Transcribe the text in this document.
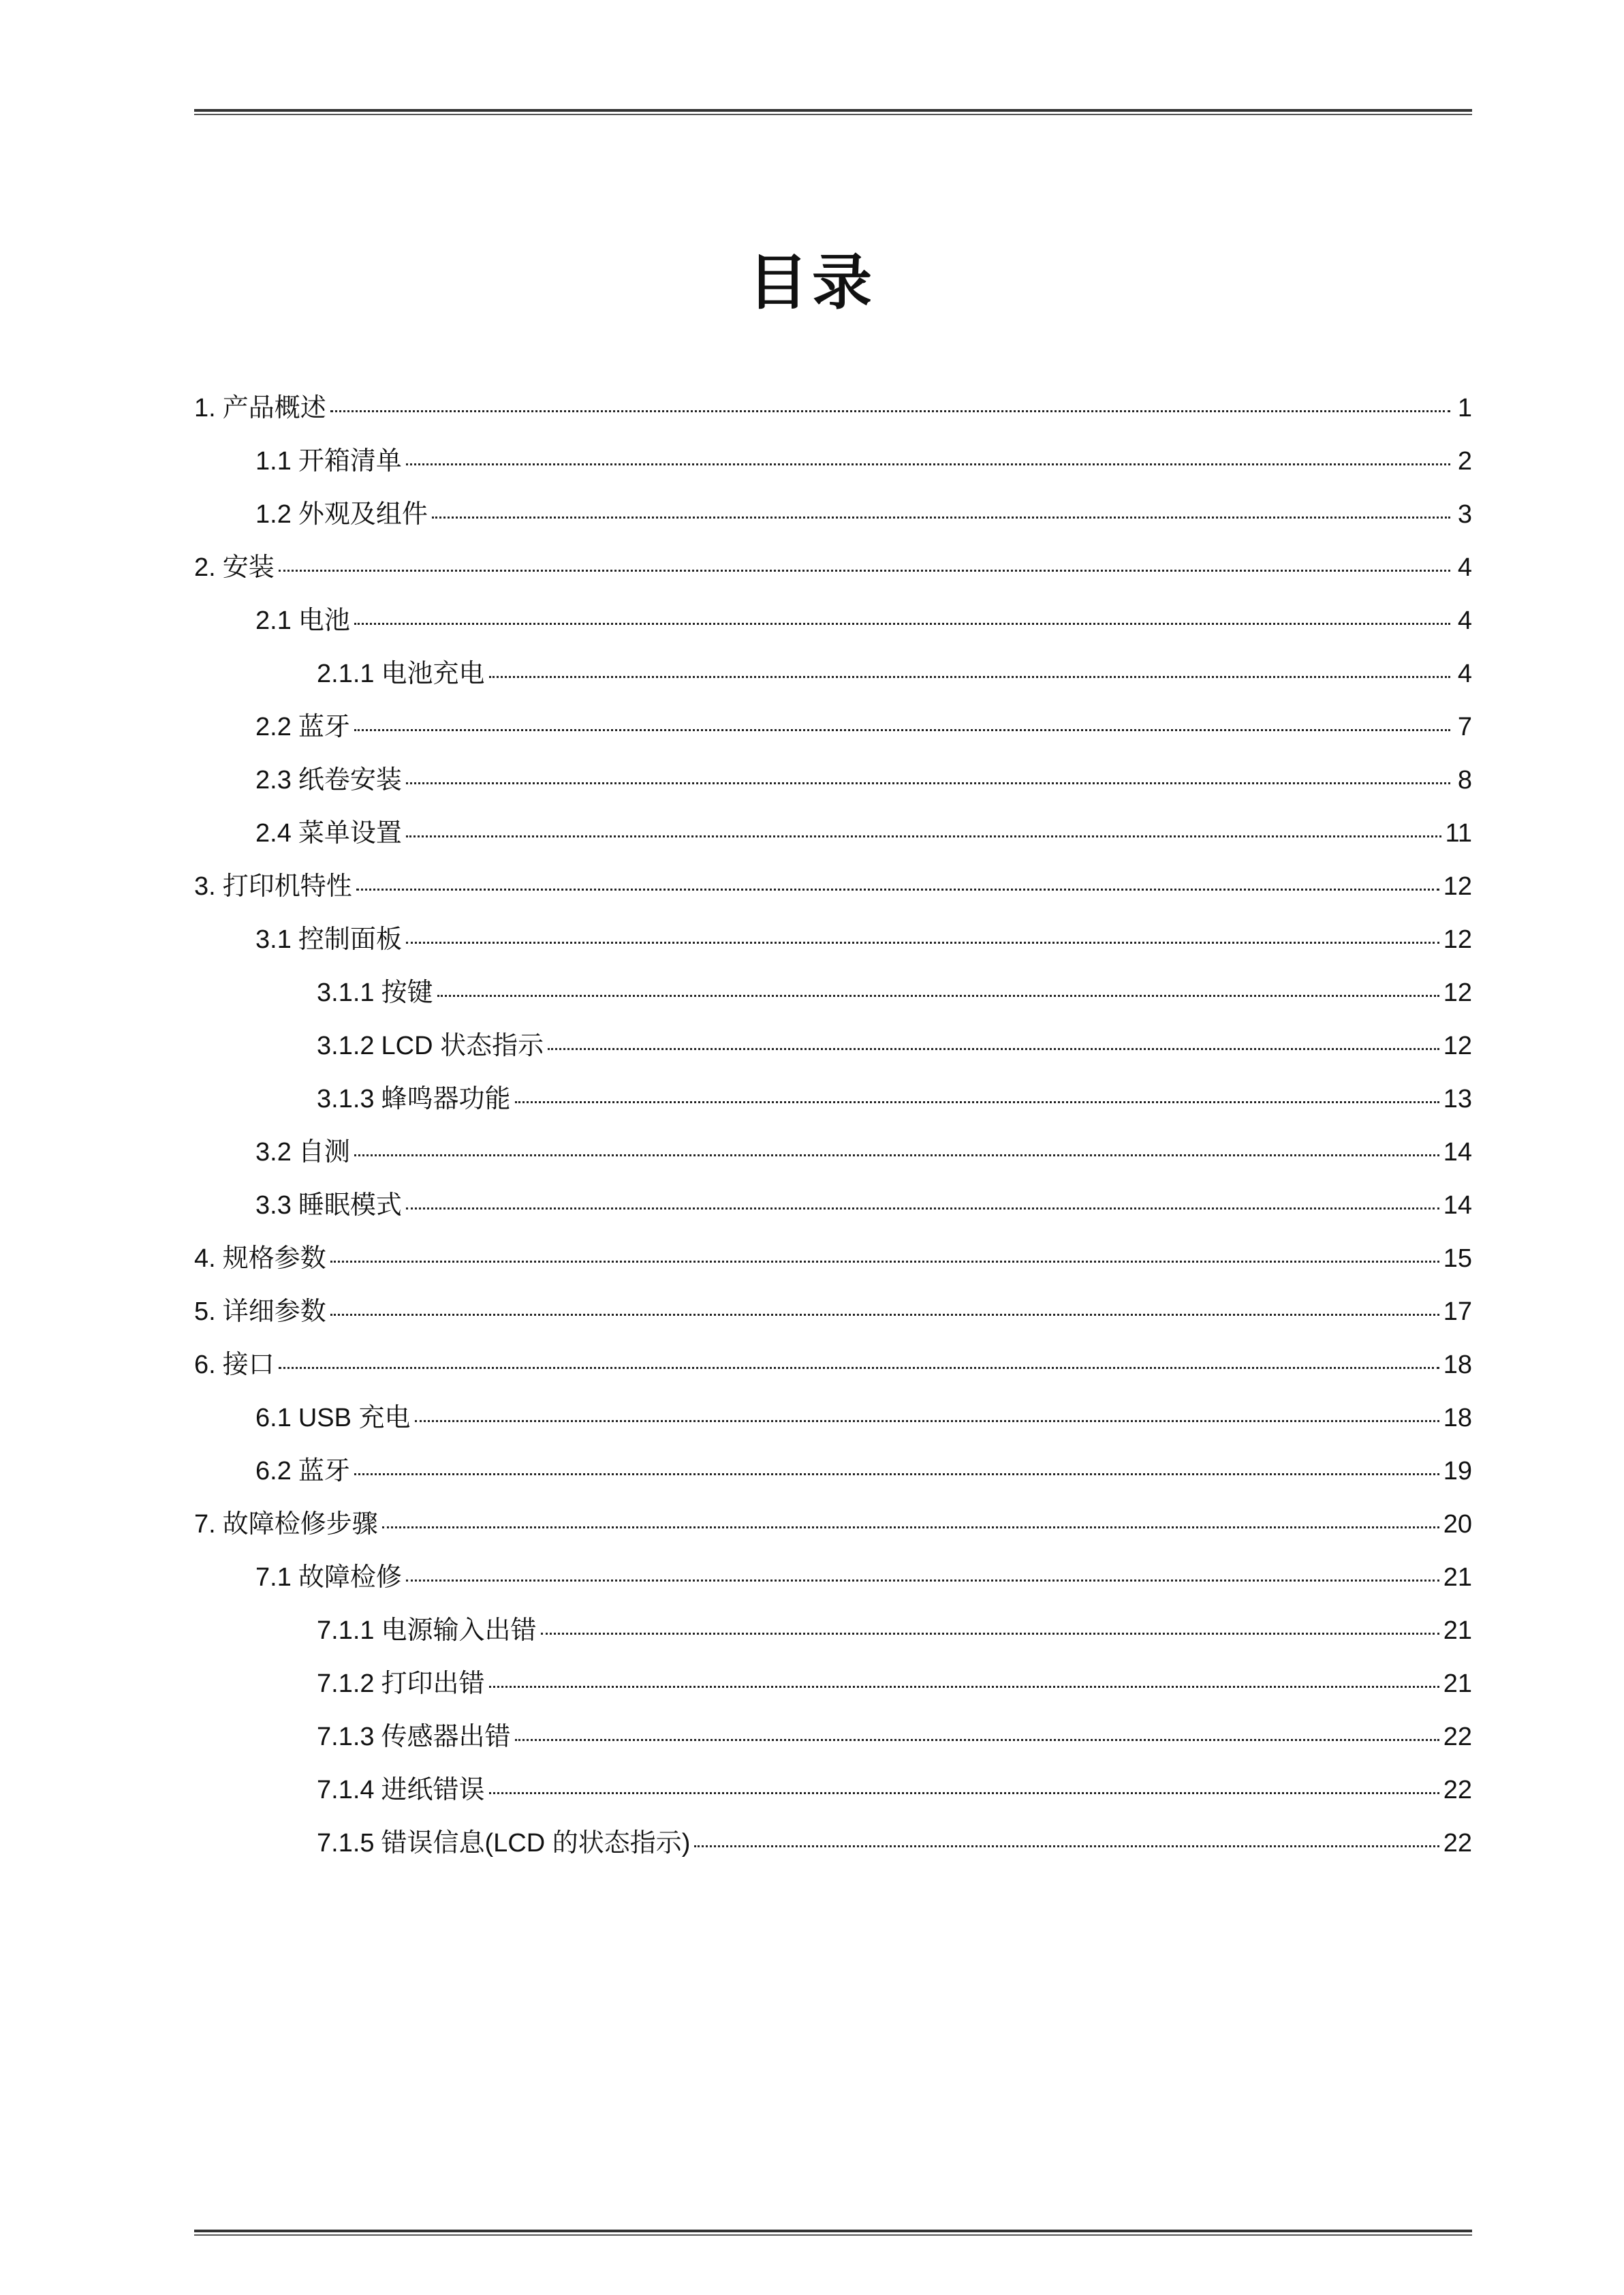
目录
1. 产品概述	1
1.1 开箱清单	2
1.2 外观及组件	3
2. 安装	4
2.1 电池	4
2.1.1 电池充电	4
2.2 蓝牙	7
2.3 纸卷安装	8
2.4 菜单设置	11
3. 打印机特性	12
3.1 控制面板	12
3.1.1 按键	12
3.1.2 LCD 状态指示	12
3.1.3 蜂鸣器功能	13
3.2 自测	14
3.3 睡眠模式	14
4. 规格参数	15
5. 详细参数	17
6. 接口	18
6.1 USB 充电	18
6.2 蓝牙	19
7. 故障检修步骤	20
7.1 故障检修	21
7.1.1 电源输入出错	21
7.1.2 打印出错	21
7.1.3 传感器出错	22
7.1.4 进纸错误	22
7.1.5 错误信息(LCD 的状态指示)	22
